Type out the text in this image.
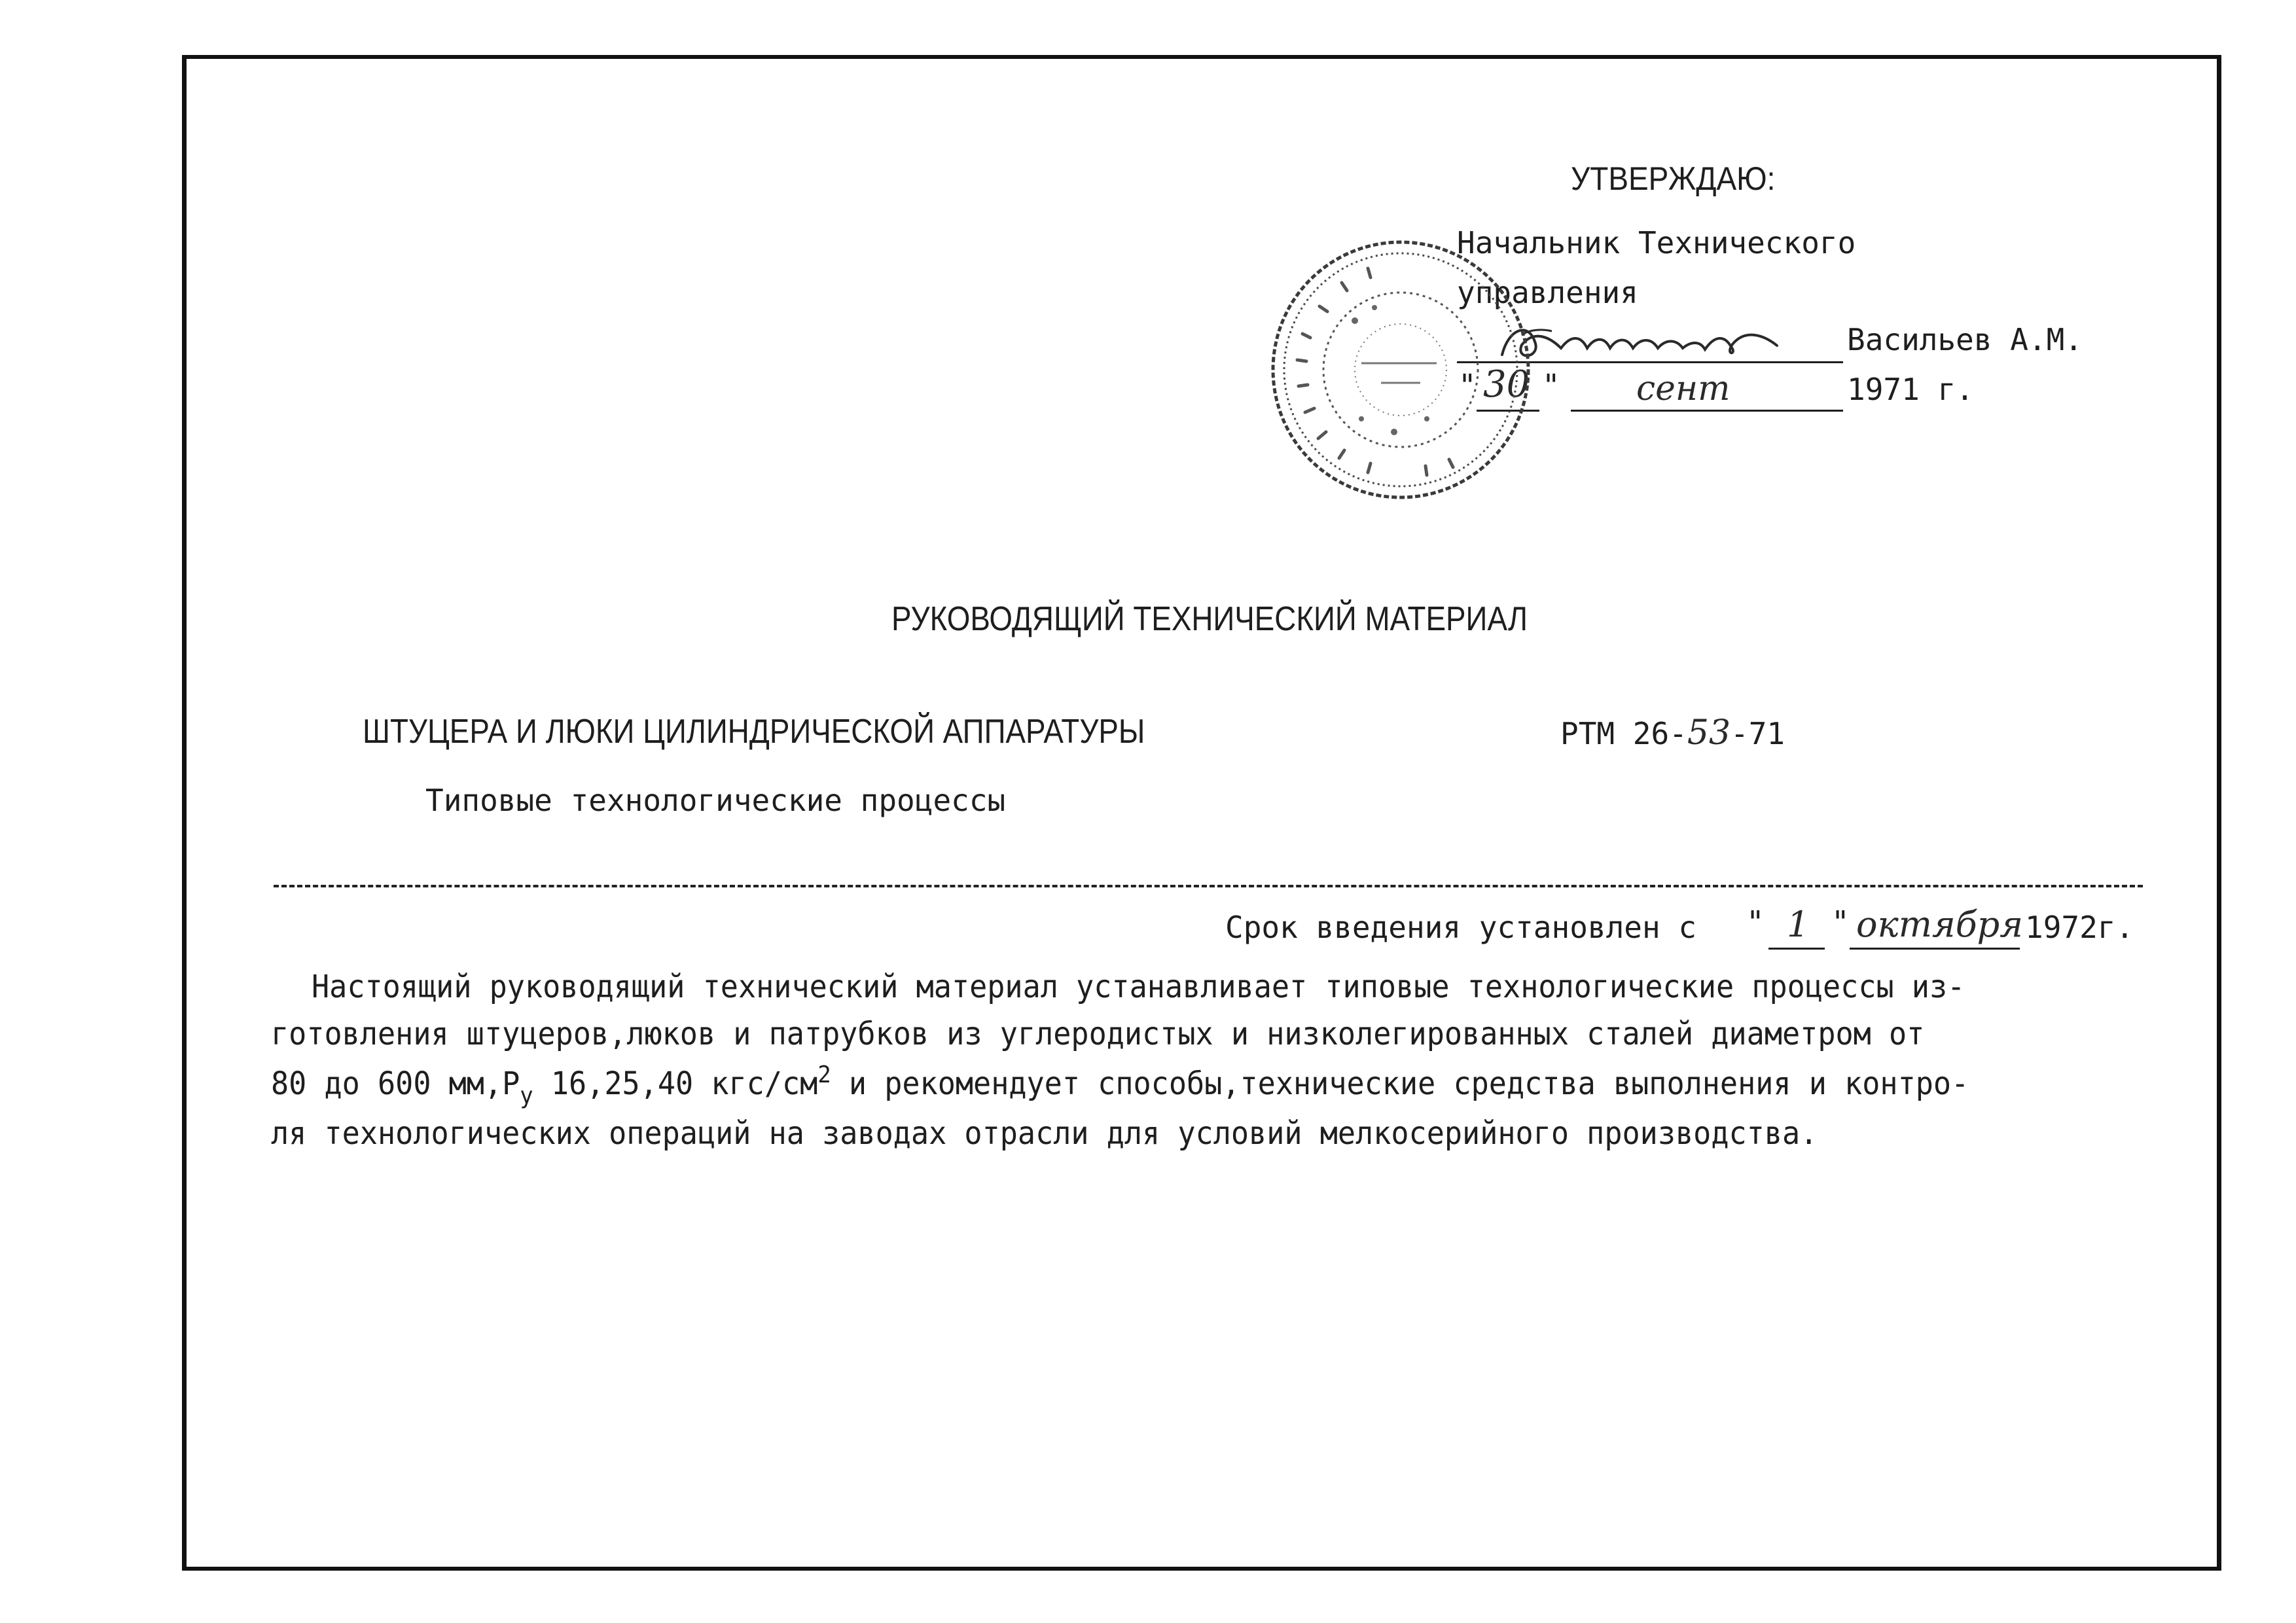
УТВЕРЖДАЮ:
Начальник Технического
управления
Васильев А.М.
" 30 " сент	1971 г.
РУКОВОДЯЩИЙ ТЕХНИЧЕСКИЙ МАТЕРИАЛ
ШТУЦЕРА И ЛЮКИ ЦИЛИНДРИЧЕСКОЙ АППАРАТУРЫ	РТМ 26-53-71
Типовые технологические процессы
Срок введения установлен с " 1 " октября 1972г.
Настоящий руководящий технический материал устанавливает типовые технологические процессы из-
готовления штуцеров,люков и патрубков из углеродистых и низколегированных сталей диаметром от
80 до 600 $мм,Р_у$ 16,25,40 кгс/$см^2$ и рекомендует способы,технические средства выполнения и контро-
ля технологических операций на заводах отрасли для условий мелкосерийного производства.
